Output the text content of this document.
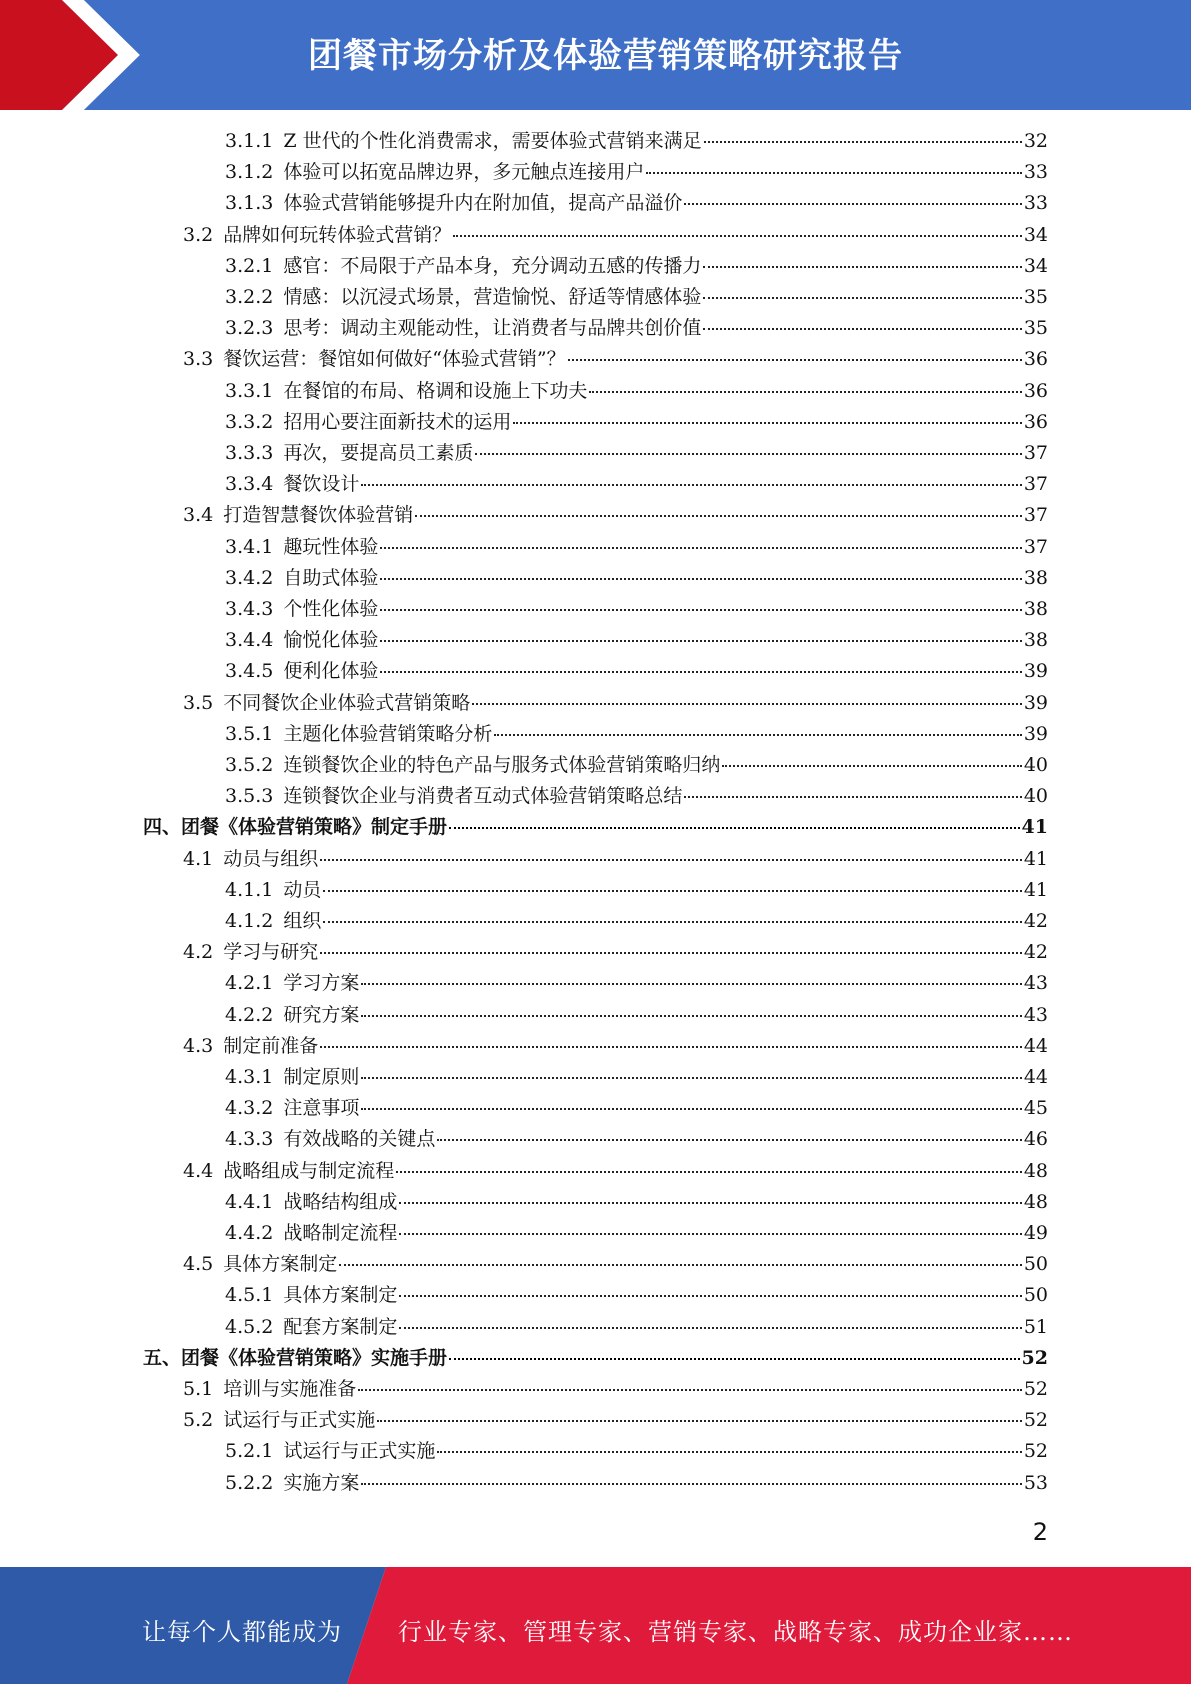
团餐市场分析及体验营销策略研究报告
3.1.1 Z 世代的个性化消费需求，需要体验式营销来满足	32
3.1.2 体验可以拓宽品牌边界，多元触点连接用户	33
3.1.3 体验式营销能够提升内在附加值，提高产品溢价	33
3.2 品牌如何玩转体验式营销？	34
3.2.1 感官：不局限于产品本身，充分调动五感的传播力	34
3.2.2 情感：以沉浸式场景，营造愉悦、舒适等情感体验	35
3.2.3 思考：调动主观能动性，让消费者与品牌共创价值	35
3.3 餐饮运营：餐馆如何做好“体验式营销”？	36
3.3.1 在餐馆的布局、格调和设施上下功夫	36
3.3.2 招用心要注面新技术的运用	36
3.3.3 再次，要提高员工素质	37
3.3.4 餐饮设计	37
3.4 打造智慧餐饮体验营销	37
3.4.1 趣玩性体验	37
3.4.2 自助式体验	38
3.4.3 个性化体验	38
3.4.4 愉悦化体验	38
3.4.5 便利化体验	39
3.5 不同餐饮企业体验式营销策略	39
3.5.1 主题化体验营销策略分析	39
3.5.2 连锁餐饮企业的特色产品与服务式体验营销策略归纳	40
3.5.3 连锁餐饮企业与消费者互动式体验营销策略总结	40
四、团餐《体验营销策略》制定手册	41
4.1 动员与组织	41
4.1.1 动员	41
4.1.2 组织	42
4.2 学习与研究	42
4.2.1 学习方案	43
4.2.2 研究方案	43
4.3 制定前准备	44
4.3.1 制定原则	44
4.3.2 注意事项	45
4.3.3 有效战略的关键点	46
4.4 战略组成与制定流程	48
4.4.1 战略结构组成	48
4.4.2 战略制定流程	49
4.5 具体方案制定	50
4.5.1 具体方案制定	50
4.5.2 配套方案制定	51
五、团餐《体验营销策略》实施手册	52
5.1 培训与实施准备	52
5.2 试运行与正式实施	52
5.2.1 试运行与正式实施	52
5.2.2 实施方案	53
2
让每个人都能成为 行业专家、管理专家、营销专家、战略专家、成功企业家……
